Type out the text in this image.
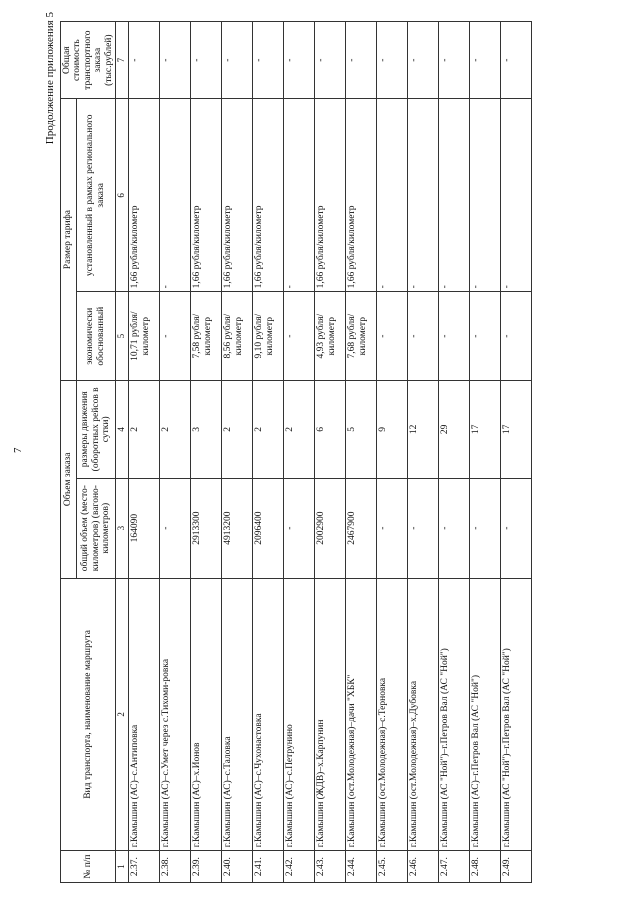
7
Продолжение приложения 5
№ п/п	Вид транспорта, наименование маршрута	Объем заказа		Размер тарифа		Общая стоимость транспортного заказа (тыс.рублей)
		общий объем (место-километров) (вагоно-километров)	размеры движения (оборотных рейсов в сутки)	экономически обоснованный	установленный в рамках регионального заказа	
1	2	3	4	5	6	7
2.37.	г.Камышин (АС)–с.Антиповка	164090	2	10,71 рубля/ километр	1,66 рубля/километр	-
2.38.	г.Камышин (АС)–с.Умет через с.Тихоми-ровка	-	2	-	-	-
2.39.	г.Камышин (АС)–х.Ионов	2913300	3	7,58 рубля/ километр	1,66 рубля/километр	-
2.40.	г.Камышин (АС)–с.Таловка	4913200	2	8,56 рубля/ километр	1,66 рубля/километр	-
2.41.	г.Камышин (АС)–с.Чухонастовка	2096400	2	9,10 рубля/ километр	1,66 рубля/километр	-
2.42.	г.Камышин (АС)–с.Петрунино	-	2	-	-	-
2.43.	г.Камышин (ЖДВ)–х.Карпунин	2002900	6	4,93 рубля/ километр	1,66 рубля/километр	-
2.44.	г.Камышин (ост.Молодежная)–дачи "ХБК"	2467900	5	7,68 рубля/ километр	1,66 рубля/километр	-
2.45.	г.Камышин (ост.Молодежная)–с.Терновка	-	9	-	-	-
2.46.	г.Камышин (ост.Молодежная)–х.Дубовка	-	12	-	-	-
2.47.	г.Камышин (АС "Ной")–г.Петров Вал (АС "Ной")	-	29	-	-	-
2.48.	г.Камышин (АС)–г.Петров Вал (АС "Ной")	-	17	-	-	-
2.49.	г.Камышин (АС "Ной")–г.Петров Вал (АС "Ной")	-	17	-	-	-
